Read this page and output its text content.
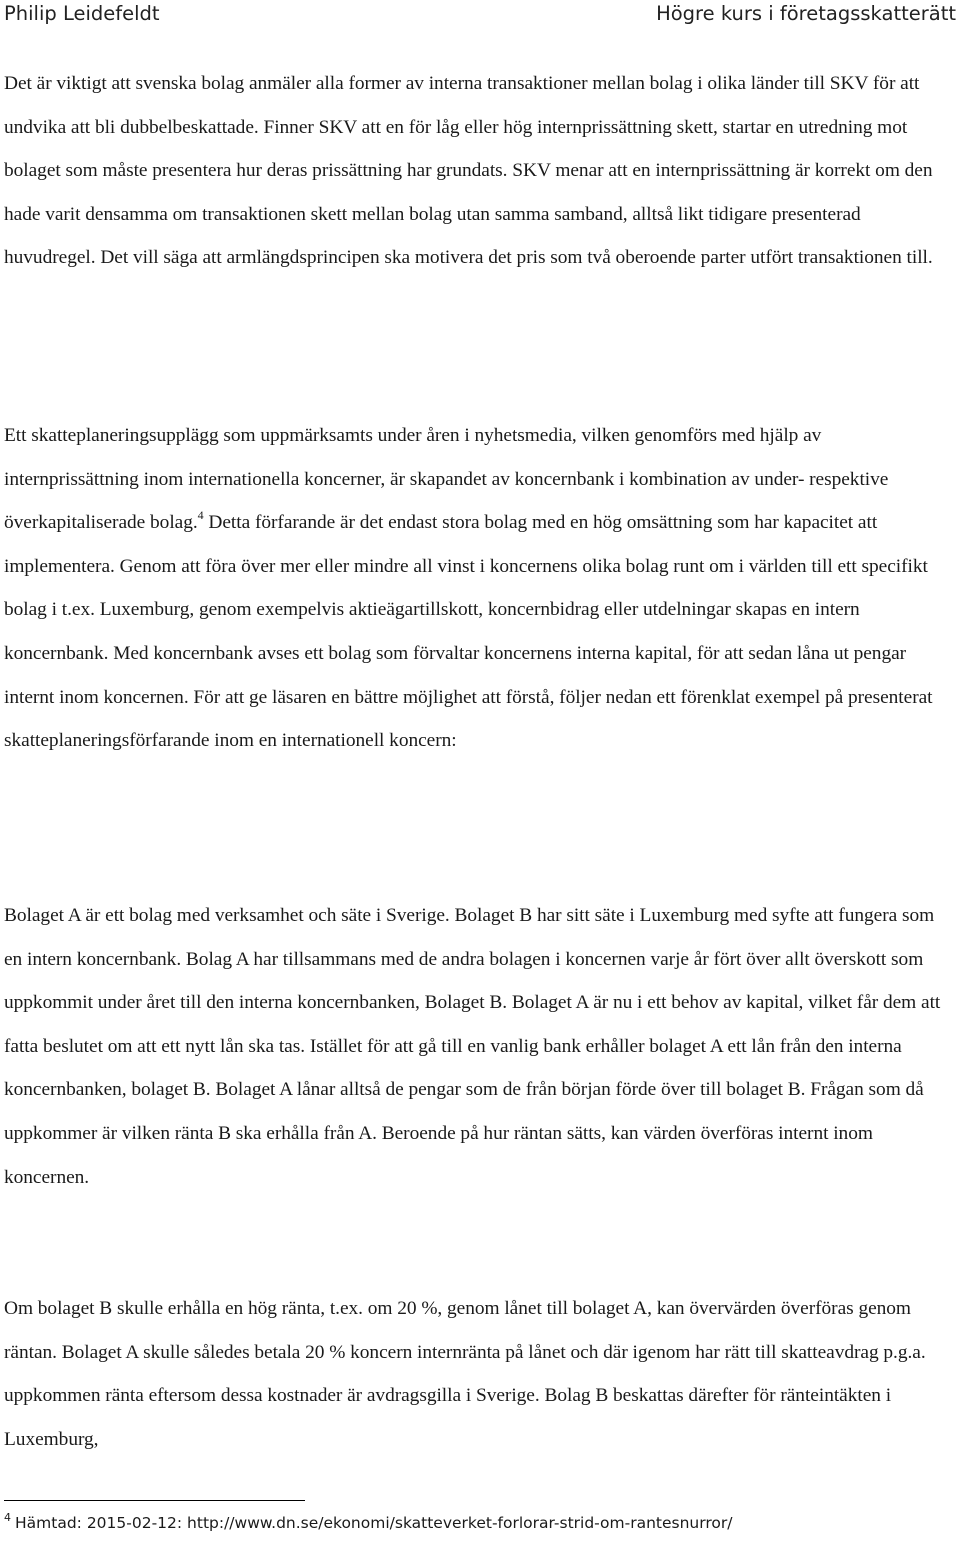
Philip Leidefeldt	Högre kurs i företagsskatterätt

Det är viktigt att svenska bolag anmäler alla former av interna transaktioner mellan bolag i olika länder till SKV för att undvika att bli dubbelbeskattade. Finner SKV att en för låg eller hög internprissättning skett, startar en utredning mot bolaget som måste presentera hur deras prissättning har grundats. SKV menar att en internprissättning är korrekt om den hade varit densamma om transaktionen skett mellan bolag utan samma samband, alltså likt tidigare presenterad huvudregel. Det vill säga att armlängdsprincipen ska motivera det pris som två oberoende parter utfört transaktionen till.

Ett skatteplaneringsupplägg som uppmärksamts under åren i nyhetsmedia, vilken genomförs med hjälp av internprissättning inom internationella koncerner, är skapandet av koncernbank i kombination av under- respektive överkapitaliserade bolag.$^4$ Detta förfarande är det endast stora bolag med en hög omsättning som har kapacitet att implementera. Genom att föra över mer eller mindre all vinst i koncernens olika bolag runt om i världen till ett specifikt bolag i t.ex. Luxemburg, genom exempelvis aktieägartillskott, koncernbidrag eller utdelningar skapas en intern koncernbank. Med koncernbank avses ett bolag som förvaltar koncernens interna kapital, för att sedan låna ut pengar internt inom koncernen. För att ge läsaren en bättre möjlighet att förstå, följer nedan ett förenklat exempel på presenterat skatteplaneringsförfarande inom en internationell koncern:

Bolaget A är ett bolag med verksamhet och säte i Sverige. Bolaget B har sitt säte i Luxemburg med syfte att fungera som en intern koncernbank. Bolag A har tillsammans med de andra bolagen i koncernen varje år fört över allt överskott som uppkommit under året till den interna koncernbanken, Bolaget B. Bolaget A är nu i ett behov av kapital, vilket får dem att fatta beslutet om att ett nytt lån ska tas. Istället för att gå till en vanlig bank erhåller bolaget A ett lån från den interna koncernbanken, bolaget B. Bolaget A lånar alltså de pengar som de från början förde över till bolaget B. Frågan som då uppkommer är vilken ränta B ska erhålla från A. Beroende på hur räntan sätts, kan värden överföras internt inom koncernen.

Om bolaget B skulle erhålla en hög ränta, t.ex. om 20 %, genom lånet till bolaget A, kan övervärden överföras genom räntan. Bolaget A skulle således betala 20 % koncern internränta på lånet och där igenom har rätt till skatteavdrag p.g.a. uppkommen ränta eftersom dessa kostnader är avdragsgilla i Sverige. Bolag B beskattas därefter för ränteintäkten i Luxemburg,

$^4$ Hämtad: 2015-02-12: http://www.dn.se/ekonomi/skatteverket-forlorar-strid-om-rantesnurror/
